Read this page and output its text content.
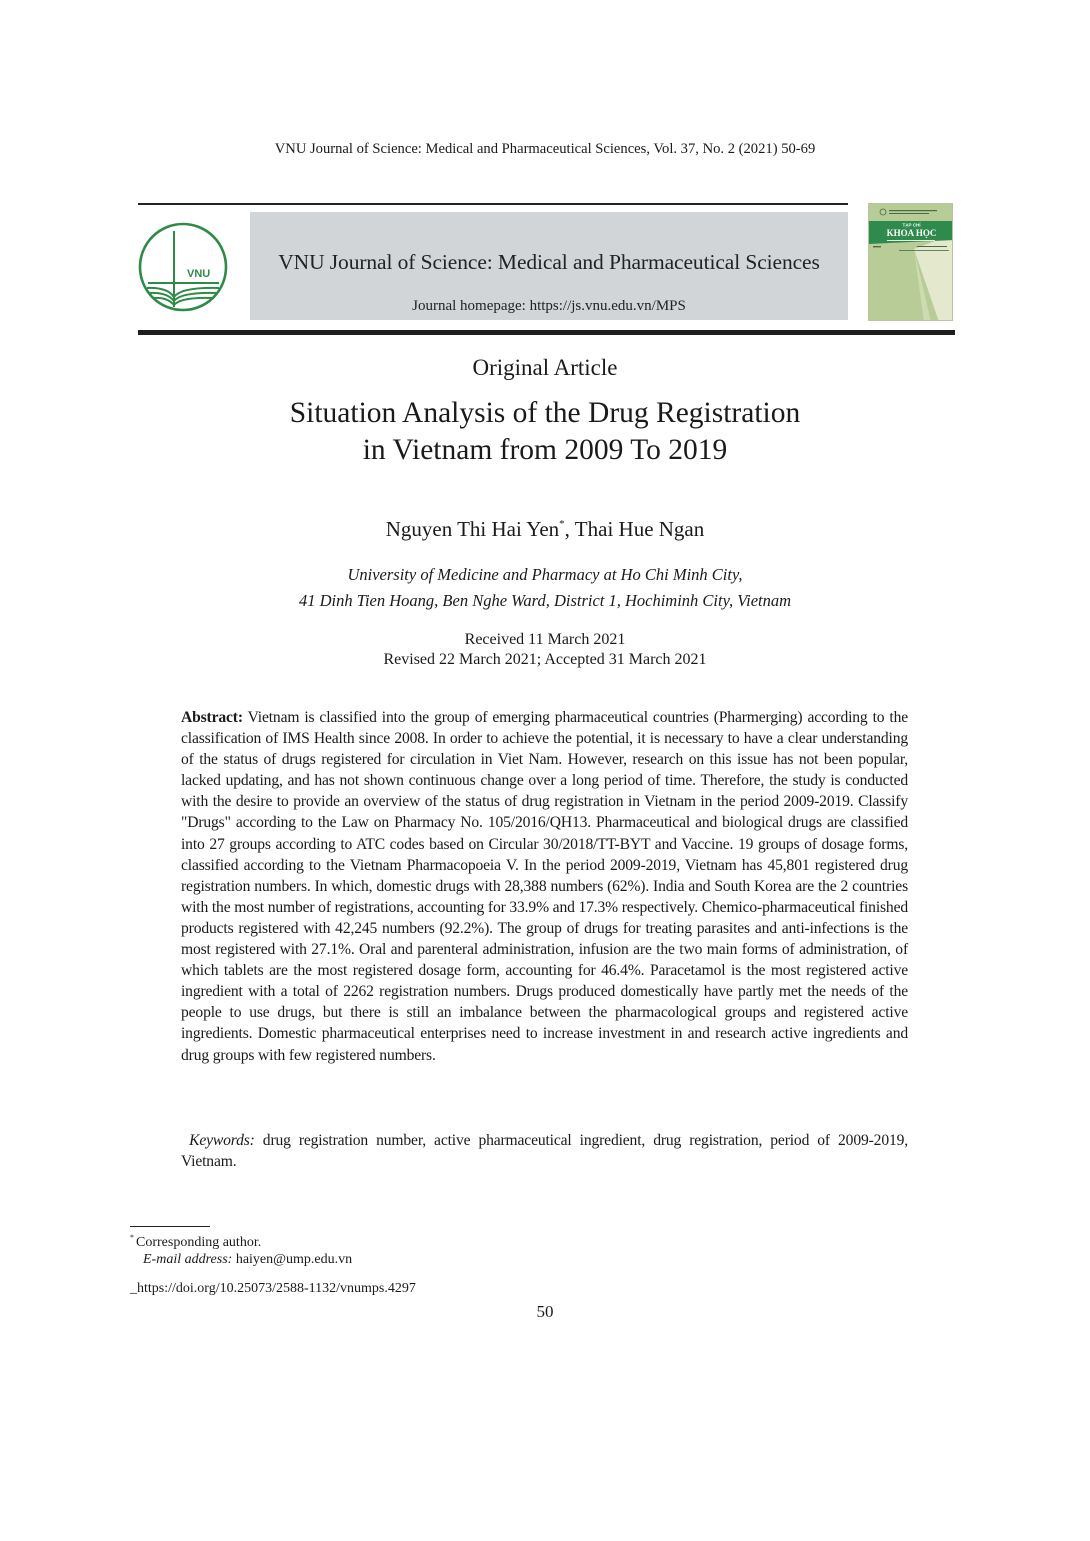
VNU Journal of Science: Medical and Pharmaceutical Sciences, Vol. 37, No. 2 (2021) 50-69
VNU	VNU Journal of Science: Medical and Pharmaceutical Sciences
Journal homepage: https://js.vnu.edu.vn/MPS
TẠP CHÍ
KHOA HỌC
Original Article
Situation Analysis of the Drug Registration
in Vietnam from 2009 To 2019
Nguyen Thi Hai Yen*, Thai Hue Ngan
University of Medicine and Pharmacy at Ho Chi Minh City,
41 Dinh Tien Hoang, Ben Nghe Ward, District 1, Hochiminh City, Vietnam
Received 11 March 2021
Revised 22 March 2021; Accepted 31 March 2021
Abstract: Vietnam is classified into the group of emerging pharmaceutical countries (Pharmerging) according to the classification of IMS Health since 2008. In order to achieve the potential, it is necessary to have a clear understanding of the status of drugs registered for circulation in Viet Nam. However, research on this issue has not been popular, lacked updating, and has not shown continuous change over a long period of time. Therefore, the study is conducted with the desire to provide an overview of the status of drug registration in Vietnam in the period 2009-2019. Classify "Drugs" according to the Law on Pharmacy No. 105/2016/QH13. Pharmaceutical and biological drugs are classified into 27 groups according to ATC codes based on Circular 30/2018/TT-BYT and Vaccine. 19 groups of dosage forms, classified according to the Vietnam Pharmacopoeia V. In the period 2009-2019, Vietnam has 45,801 registered drug registration numbers. In which, domestic drugs with 28,388 numbers (62%). India and South Korea are the 2 countries with the most number of registrations, accounting for 33.9% and 17.3% respectively. Chemico-pharmaceutical finished products registered with 42,245 numbers (92.2%). The group of drugs for treating parasites and anti-infections is the most registered with 27.1%. Oral and parenteral administration, infusion are the two main forms of administration, of which tablets are the most registered dosage form, accounting for 46.4%. Paracetamol is the most registered active ingredient with a total of 2262 registration numbers. Drugs produced domestically have partly met the needs of the people to use drugs, but there is still an imbalance between the pharmacological groups and registered active ingredients. Domestic pharmaceutical enterprises need to increase investment in and research active ingredients and drug groups with few registered numbers.
Keywords: drug registration number, active pharmaceutical ingredient, drug registration, period of 2009-2019, Vietnam.
* Corresponding author.
E-mail address: haiyen@ump.edu.vn
_https://doi.org/10.25073/2588-1132/vnumps.4297
50
